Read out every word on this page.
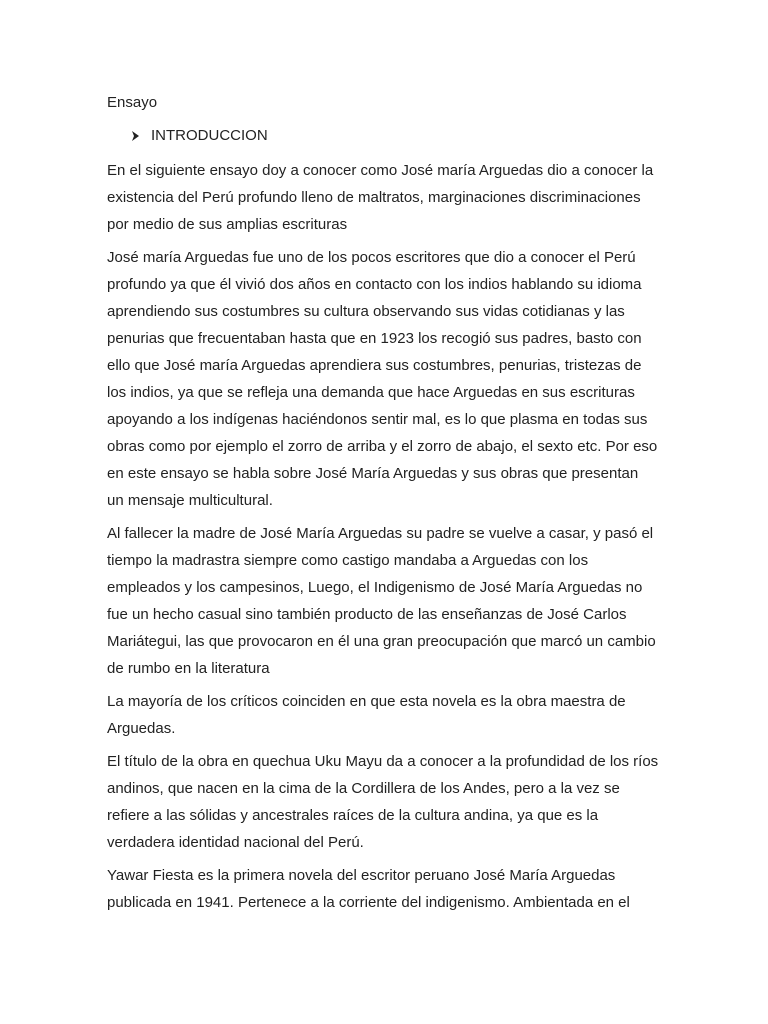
Ensayo
INTRODUCCION

En el siguiente ensayo doy a conocer como José maría Arguedas dio a conocer la
existencia del Perú profundo lleno de maltratos, marginaciones discriminaciones
por medio de sus amplias escrituras

José maría Arguedas fue uno de los pocos escritores que dio a conocer el Perú
profundo ya que él vivió dos años en contacto con los indios hablando su idioma
aprendiendo sus costumbres su cultura observando sus vidas cotidianas y las
penurias que frecuentaban hasta que en 1923 los recogió sus padres, basto con
ello que José maría Arguedas aprendiera sus costumbres, penurias, tristezas de
los indios, ya que se refleja una demanda que hace Arguedas en sus escrituras
apoyando a los indígenas haciéndonos sentir mal, es lo que plasma en todas sus
obras como por ejemplo el zorro de arriba y el zorro de abajo, el sexto etc. Por eso
en este ensayo se habla sobre José María Arguedas y sus obras que presentan
un mensaje multicultural.

Al fallecer la madre de José María Arguedas su padre se vuelve a casar, y pasó el
tiempo la madrastra siempre como castigo mandaba a Arguedas con los
empleados y los campesinos, Luego, el Indigenismo de José María Arguedas no
fue un hecho casual sino también producto de las enseñanzas de José Carlos
Mariátegui, las que provocaron en él una gran preocupación que marcó un cambio
de rumbo en la literatura

La mayoría de los críticos coinciden en que esta novela es la obra maestra de
Arguedas.

El título de la obra en quechua Uku Mayu da a conocer a la profundidad de los ríos
andinos, que nacen en la cima de la Cordillera de los Andes, pero a la vez se
refiere a las sólidas y ancestrales raíces de la cultura andina, ya que es la
verdadera identidad nacional del Perú.

Yawar Fiesta es la primera novela del escritor peruano José María Arguedas
publicada en 1941. Pertenece a la corriente del indigenismo. Ambientada en el
